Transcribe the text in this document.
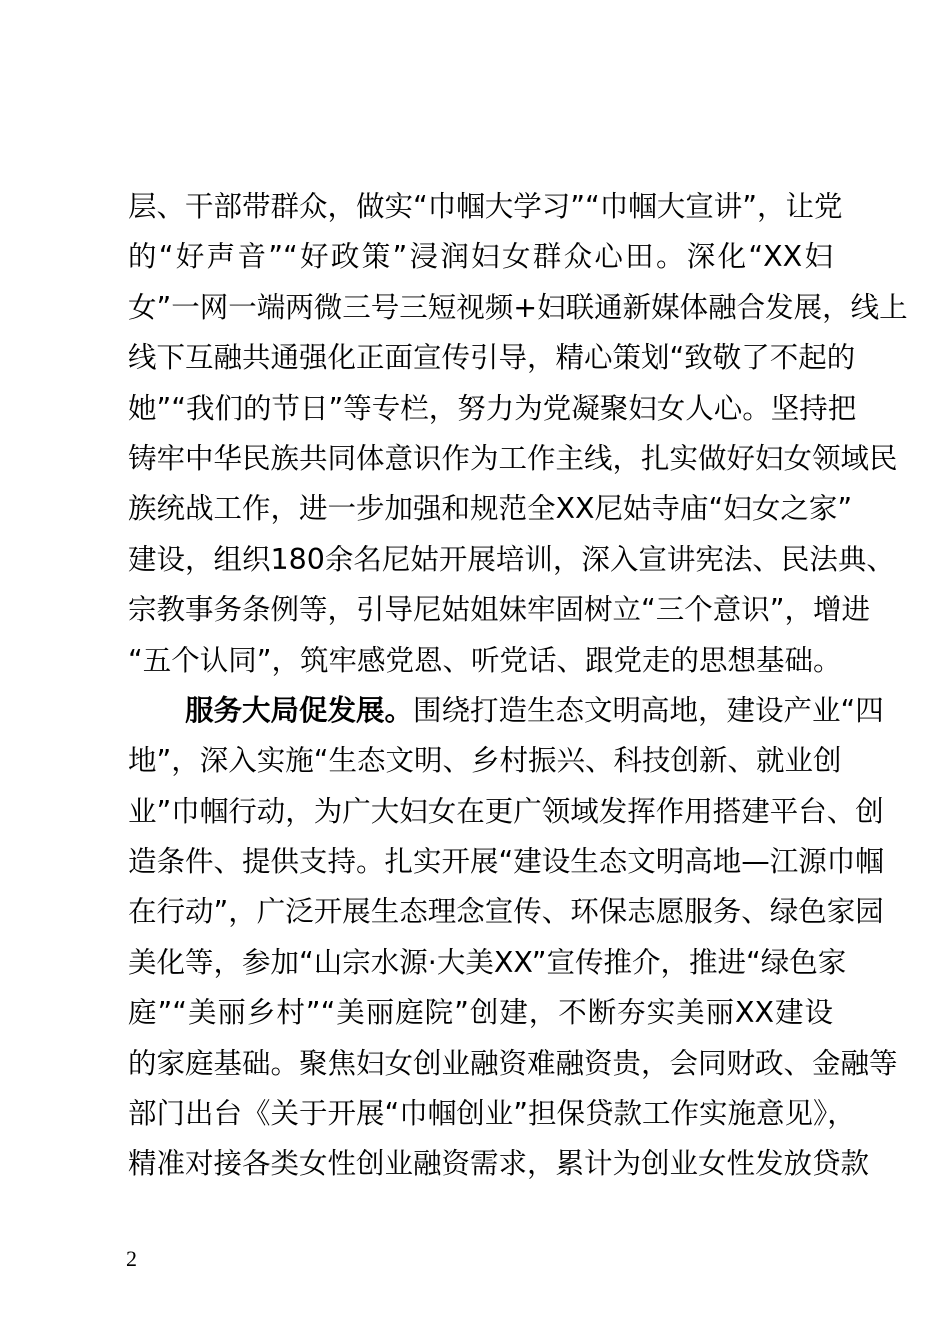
层、干部带群众，做实“巾帼大学习”“巾帼大宣讲”，让党
的“好声音”“好政策”浸润妇女群众心田。深化“XX妇
女”一网一端两微三号三短视频+妇联通新媒体融合发展，线上
线下互融共通强化正面宣传引导，精心策划“致敬了不起的
她”“我们的节日”等专栏，努力为党凝聚妇女人心。坚持把
铸牢中华民族共同体意识作为工作主线，扎实做好妇女领域民
族统战工作，进一步加强和规范全XX尼姑寺庙“妇女之家”
建设，组织180余名尼姑开展培训，深入宣讲宪法、民法典、
宗教事务条例等，引导尼姑姐妹牢固树立“三个意识”，增进
“五个认同”，筑牢感党恩、听党话、跟党走的思想基础。
服务大局促发展。围绕打造生态文明高地，建设产业“四
地”，深入实施“生态文明、乡村振兴、科技创新、就业创
业”巾帼行动，为广大妇女在更广领域发挥作用搭建平台、创
造条件、提供支持。扎实开展“建设生态文明高地—江源巾帼
在行动”，广泛开展生态理念宣传、环保志愿服务、绿色家园
美化等，参加“山宗水源·大美XX”宣传推介，推进“绿色家
庭”“美丽乡村”“美丽庭院”创建，不断夯实美丽XX建设
的家庭基础。聚焦妇女创业融资难融资贵，会同财政、金融等
部门出台《关于开展“巾帼创业”担保贷款工作实施意见》，
精准对接各类女性创业融资需求，累计为创业女性发放贷款
2
